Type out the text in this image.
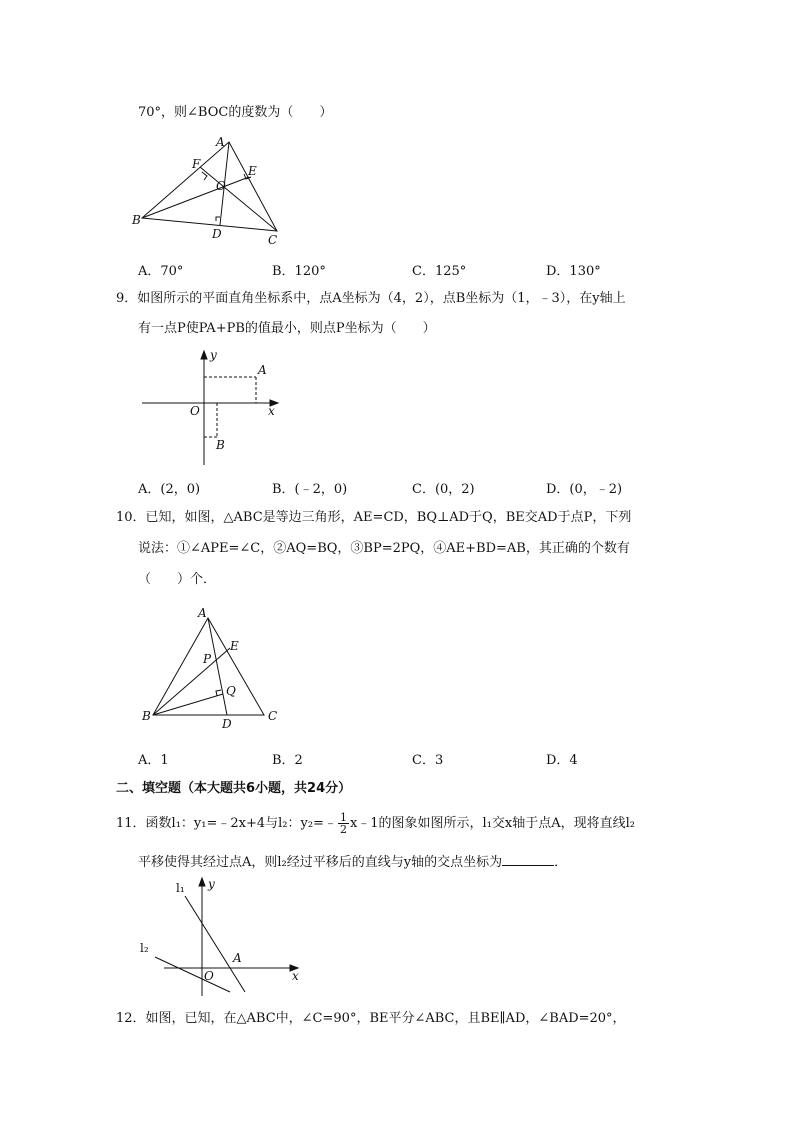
70°，则∠BOC的度数为（　　）
A
B
C
D
E
F
O
A．70°	B．120°	C．125°	D．130°
9．如图所示的平面直角坐标系中，点A坐标为（4，2），点B坐标为（1，﹣3），在y轴上
有一点P使PA+PB的值最小，则点P坐标为（　　）
y
x
O
A
B
A．(2，0)	B．(﹣2，0)	C．(0，2)	D．(0，﹣2)
10．已知，如图，△ABC是等边三角形，AE=CD，BQ⊥AD于Q，BE交AD于点P，下列
说法：①∠APE=∠C，②AQ=BQ，③BP=2PQ，④AE+BD=AB，其正确的个数有
（　　）个．
A
B	C
D
E
P
Q
A．1	B．2	C．3	D．4
二、填空题（本大题共6小题，共24分）
11．函数l₁：y₁=﹣2x+4与l₂：y₂=﹣ $\frac{1}{2}$ x﹣1的图象如图所示，l₁交x轴于点A，现将直线l₂
平移使得其经过点A，则l₂经过平移后的直线与y轴的交点坐标为	．
l₁
l₂
y
x
O
A
12．如图，已知，在△ABC中，∠C=90°，BE平分∠ABC，且BE∥AD，∠BAD=20°，
